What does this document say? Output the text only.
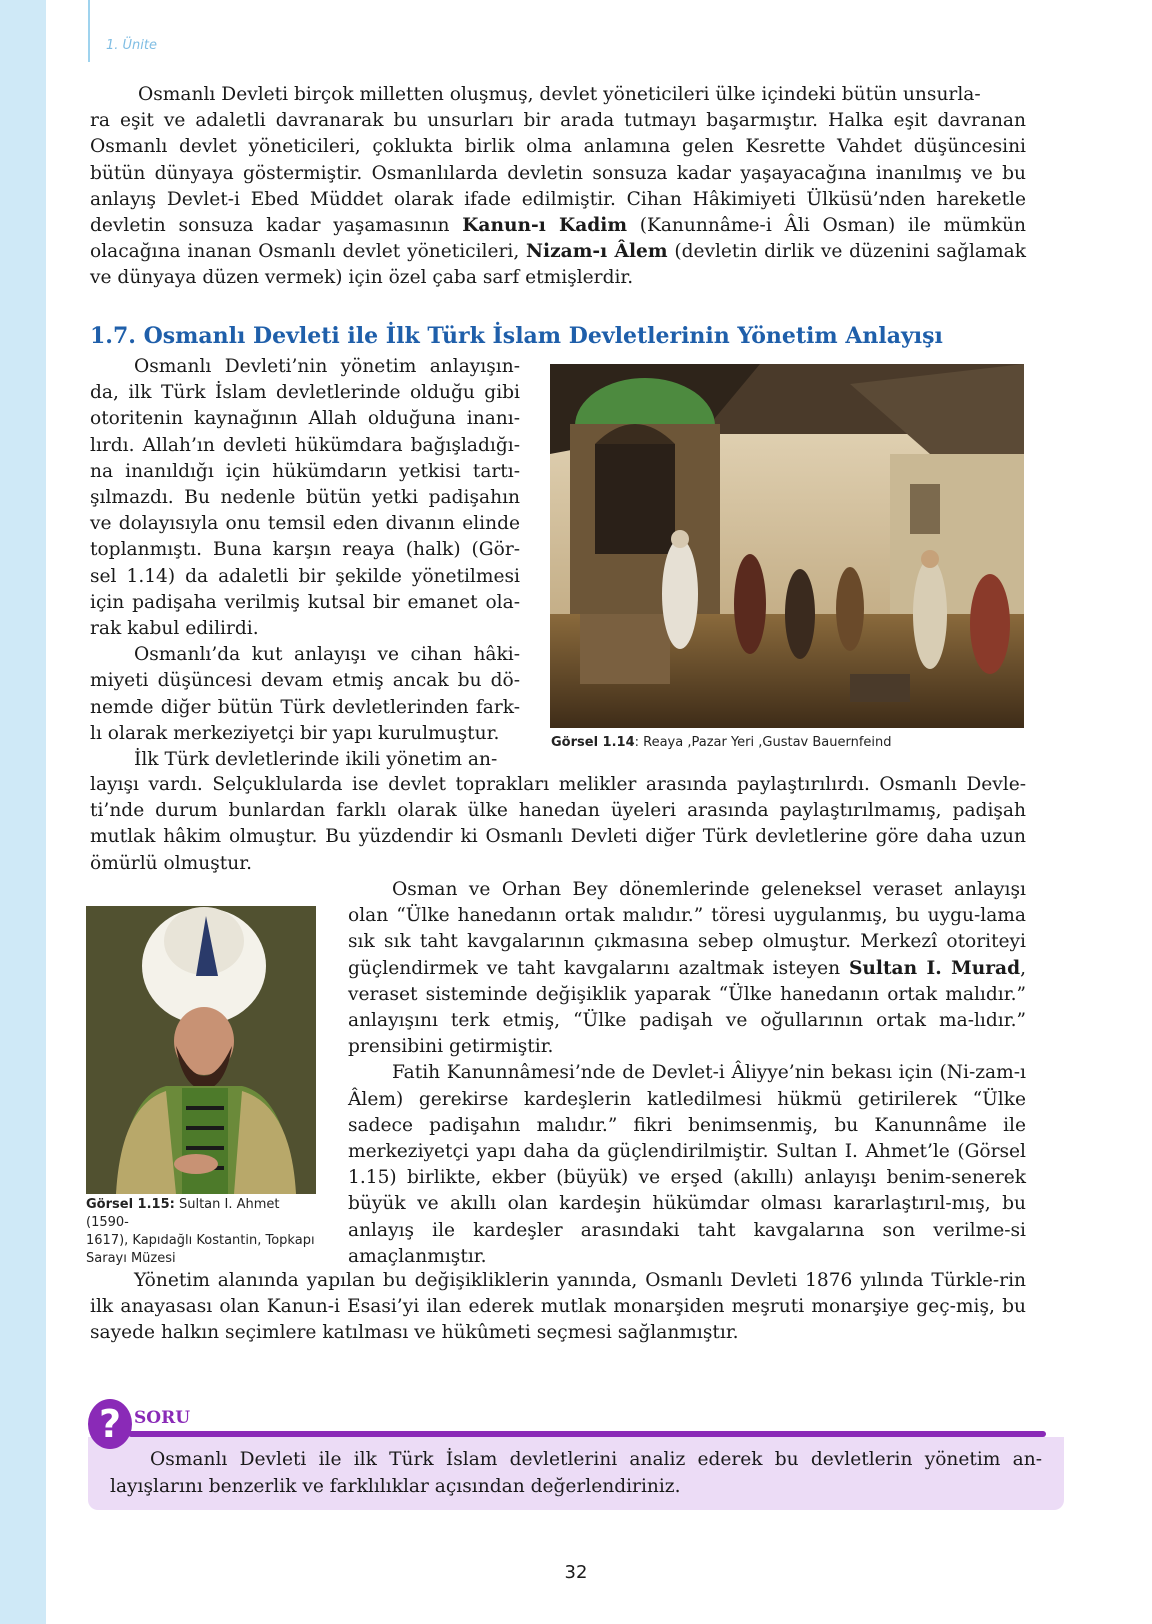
1. Ünite
Osmanlı Devleti birçok milletten oluşmuş, devlet yöneticileri ülke içindeki bütün unsurla-
ra eşit ve adaletli davranarak bu unsurları bir arada tutmayı başarmıştır. Halka eşit davranan Osmanlı devlet yöneticileri, çoklukta birlik olma anlamına gelen Kesrette Vahdet düşüncesini bütün dünyaya göstermiştir. Osmanlılarda devletin sonsuza kadar yaşayacağına inanılmış ve bu anlayış Devlet-i Ebed Müddet olarak ifade edilmiştir. Cihan Hâkimiyeti Ülküsü’nden hareketle devletin sonsuza kadar yaşamasının Kanun-ı Kadim (Kanunnâme-i Âli Osman) ile mümkün olacağına inanan Osmanlı devlet yöneticileri, Nizam-ı Âlem (devletin dirlik ve düzenini sağlamak ve dünyaya düzen vermek) için özel çaba sarf etmişlerdir.
1.7. Osmanlı Devleti ile İlk Türk İslam Devletlerinin Yönetim Anlayışı
Osmanlı Devleti’nin yönetim anlayışın-da, ilk Türk İslam devletlerinde olduğu gibi otoritenin kaynağının Allah olduğuna inanı-lırdı. Allah’ın devleti hükümdara bağışladığı-na inanıldığı için hükümdarın yetkisi tartı-şılmazdı. Bu nedenle bütün yetki padişahın ve dolayısıyla onu temsil eden divanın elinde toplanmıştı. Buna karşın reaya (halk) (Gör-sel 1.14) da adaletli bir şekilde yönetilmesi için padişaha verilmiş kutsal bir emanet ola-rak kabul edilirdi.
Osmanlı’da kut anlayışı ve cihan hâki-miyeti düşüncesi devam etmiş ancak bu dö-nemde diğer bütün Türk devletlerinden fark-lı olarak merkeziyetçi bir yapı kurulmuştur.
İlk Türk devletlerinde ikili yönetim an-
Görsel 1.14: Reaya ,Pazar Yeri ,Gustav Bauernfeind
layışı vardı. Selçuklularda ise devlet toprakları melikler arasında paylaştırılırdı. Osmanlı Devle-ti’nde durum bunlardan farklı olarak ülke hanedan üyeleri arasında paylaştırılmamış, padişah mutlak hâkim olmuştur. Bu yüzdendir ki Osmanlı Devleti diğer Türk devletlerine göre daha uzun ömürlü olmuştur.
Görsel 1.15: Sultan I. Ahmet (1590-
1617), Kapıdağlı Kostantin, Topkapı
Sarayı Müzesi
Osman ve Orhan Bey dönemlerinde geleneksel veraset anlayışı olan “Ülke hanedanın ortak malıdır.” töresi uygulanmış, bu uygu-lama sık sık taht kavgalarının çıkmasına sebep olmuştur. Merkezî otoriteyi güçlendirmek ve taht kavgalarını azaltmak isteyen Sultan I. Murad, veraset sisteminde değişiklik yaparak “Ülke hanedanın ortak malıdır.” anlayışını terk etmiş, “Ülke padişah ve oğullarının ortak ma-lıdır.” prensibini getirmiştir.
Fatih Kanunnâmesi’nde de Devlet-i Âliyye’nin bekası için (Ni-zam-ı Âlem) gerekirse kardeşlerin katledilmesi hükmü getirilerek “Ülke sadece padişahın malıdır.” fikri benimsenmiş, bu Kanunnâme ile merkeziyetçi yapı daha da güçlendirilmiştir. Sultan I. Ahmet’le (Görsel 1.15) birlikte, ekber (büyük) ve erşed (akıllı) anlayışı benim-senerek büyük ve akıllı olan kardeşin hükümdar olması kararlaştırıl-mış, bu anlayış ile kardeşler arasındaki taht kavgalarına son verilme-si amaçlanmıştır.
Yönetim alanında yapılan bu değişikliklerin yanında, Osmanlı Devleti 1876 yılında Türkle-rin ilk anayasası olan Kanun-i Esasi’yi ilan ederek mutlak monarşiden meşruti monarşiye geç-miş, bu sayede halkın seçimlere katılması ve hükûmeti seçmesi sağlanmıştır.
SORU
Osmanlı Devleti ile ilk Türk İslam devletlerini analiz ederek bu devletlerin yönetim an-layışlarını benzerlik ve farklılıklar açısından değerlendiriniz.
?
32
